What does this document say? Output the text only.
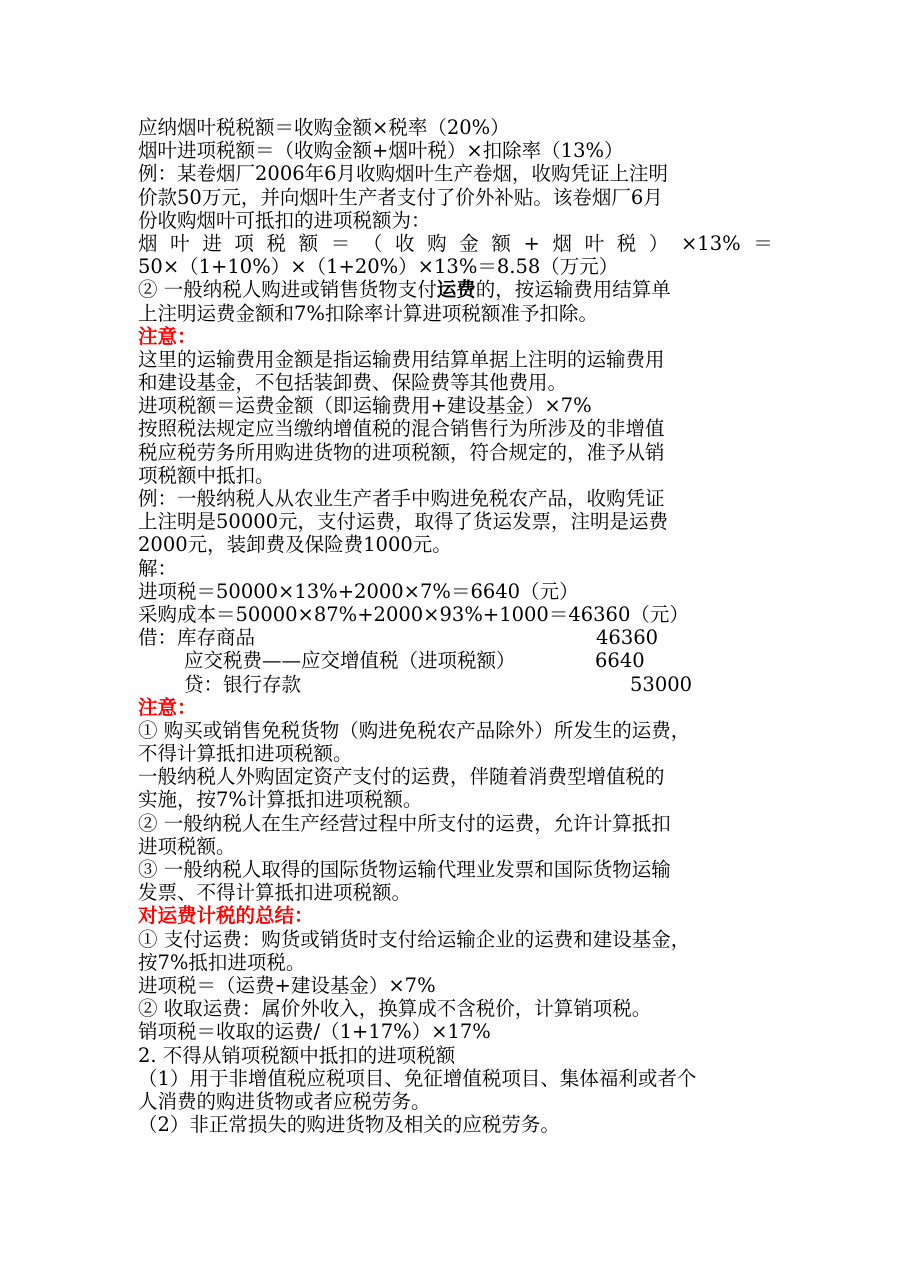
应纳烟叶税税额＝收购金额×税率（20%）
烟叶进项税额＝（收购金额+烟叶税）×扣除率（13%）
例：某卷烟厂2006年6月收购烟叶生产卷烟，收购凭证上注明
价款50万元，并向烟叶生产者支付了价外补贴。该卷烟厂6月
份收购烟叶可抵扣的进项税额为：
烟 叶 进 项 税 额 ＝ （ 收 购 金 额 + 烟 叶 税 ） ×13% ＝
50×（1+10%）×（1+20%）×13%＝8.58（万元）
② 一般纳税人购进或销售货物支付运费的，按运输费用结算单
上注明运费金额和7%扣除率计算进项税额准予扣除。
注意：
这里的运输费用金额是指运输费用结算单据上注明的运输费用
和建设基金，不包括装卸费、保险费等其他费用。
进项税额＝运费金额（即运输费用+建设基金）×7%
按照税法规定应当缴纳增值税的混合销售行为所涉及的非增值
税应税劳务所用购进货物的进项税额，符合规定的，准予从销
项税额中抵扣。
例：一般纳税人从农业生产者手中购进免税农产品，收购凭证
上注明是50000元，支付运费，取得了货运发票，注明是运费
2000元，装卸费及保险费1000元。
解：
进项税＝50000×13%+2000×7%＝6640（元）
采购成本＝50000×87%+2000×93%+1000＝46360（元）
借：库存商品	46360
应交税费——应交增值税（进项税额）	6640
贷：银行存款	53000
注意：
① 购买或销售免税货物（购进免税农产品除外）所发生的运费，
不得计算抵扣进项税额。
一般纳税人外购固定资产支付的运费，伴随着消费型增值税的
实施，按7%计算抵扣进项税额。
② 一般纳税人在生产经营过程中所支付的运费，允许计算抵扣
进项税额。
③ 一般纳税人取得的国际货物运输代理业发票和国际货物运输
发票、不得计算抵扣进项税额。
对运费计税的总结：
① 支付运费：购货或销货时支付给运输企业的运费和建设基金，
按7%抵扣进项税。
进项税＝（运费+建设基金）×7%
② 收取运费：属价外收入，换算成不含税价，计算销项税。
销项税＝收取的运费/（1+17%）×17%
2. 不得从销项税额中抵扣的进项税额
（1）用于非增值税应税项目、免征增值税项目、集体福利或者个
人消费的购进货物或者应税劳务。
（2）非正常损失的购进货物及相关的应税劳务。
